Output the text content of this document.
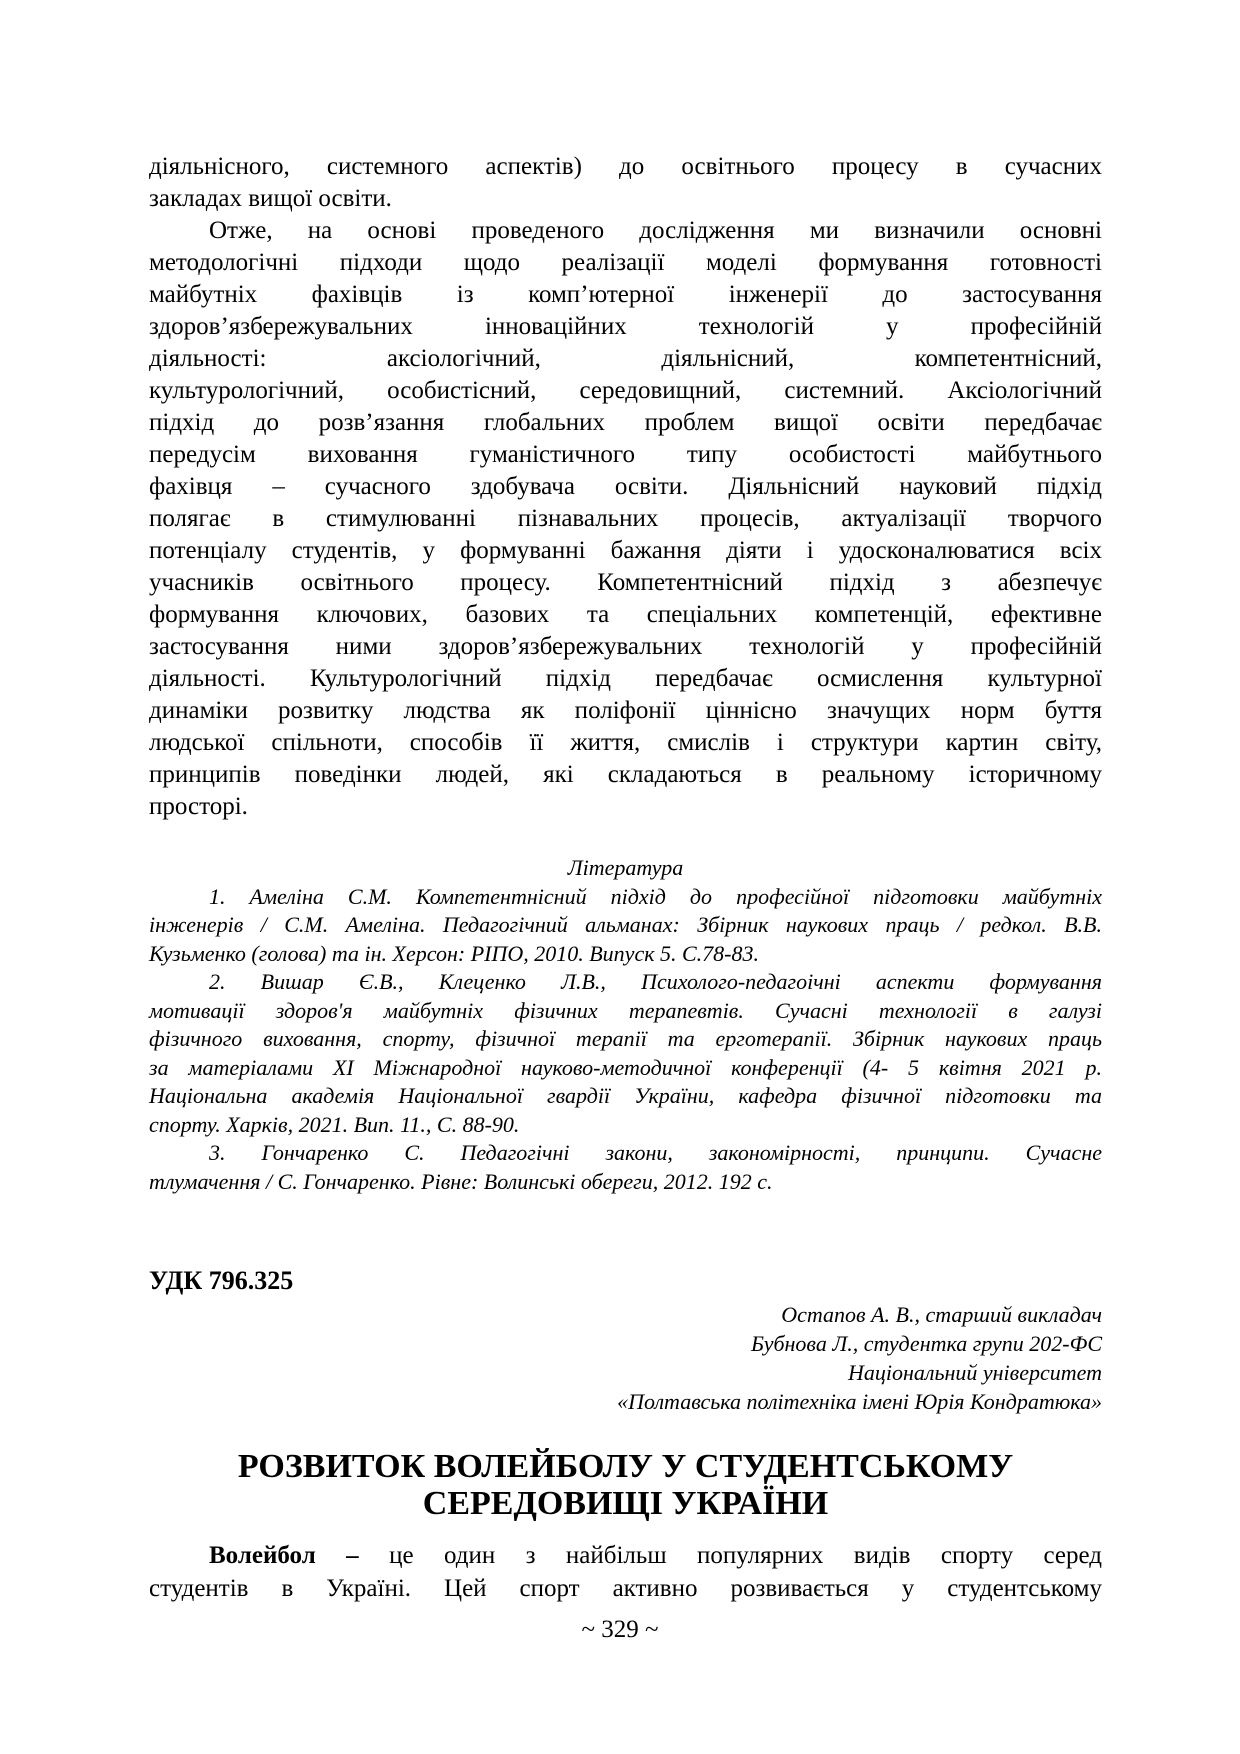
діяльнісного, системного аспектів) до освітнього процесу в сучасних
закладах вищої освіти.
Отже, на основі проведеного дослідження ми визначили основні
методологічні підходи щодо реалізації моделі формування готовності
майбутніх фахівців із комп’ютерної інженерії до застосування
здоров’язбережувальних інноваційних технологій у професійній
діяльності: аксіологічний, діяльнісний, компетентнісний,
культурологічний, особистісний, середовищний, системний. Аксіологічний
підхід до розв’язання глобальних проблем вищої освіти передбачає
передусім виховання гуманістичного типу особистості майбутнього
фахівця – сучасного здобувача освіти. Діяльнісний науковий підхід
полягає в стимулюванні пізнавальних процесів, актуалізації творчого
потенціалу студентів, у формуванні бажання діяти і удосконалюватися всіх
учасників освітнього процесу. Компетентнісний підхід з абезпечує
формування ключових, базових та спеціальних компетенцій, ефективне
застосування ними здоров’язбережувальних технологій у професійній
діяльності. Культурологічний підхід передбачає осмислення культурної
динаміки розвитку людства як поліфонії ціннісно значущих норм буття
людської спільноти, способів її життя, смислів і структури картин світу,
принципів поведінки людей, які складаються в реальному історичному
просторі.
Література
1. Амеліна С.М. Компетентнісний підхід до професійної підготовки майбутніх
інженерів / С.М. Амеліна. Педагогічний альманах: Збірник наукових праць / редкол. В.В.
Кузьменко (голова) та ін. Херсон: РІПО, 2010. Випуск 5. С.78-83.
2. Вишар Є.В., Клеценко Л.В., Психолого-педагоічні аспекти формування
мотивації здоров'я майбутніх фізичних терапевтів. Сучасні технології в галузі
фізичного виховання, спорту, фізичної терапії та ерготерапії. Збірник наукових праць
за матеріалами XI Міжнародної науково-методичної конференції (4- 5 квітня 2021 р.
Національна академія Національної гвардії України, кафедра фізичної підготовки та
спорту. Харків, 2021. Вип. 11., С. 88-90.
3. Гончаренко С. Педагогічні закони, закономірності, принципи. Сучасне
тлумачення / С. Гончаренко. Рівне: Волинські обереги, 2012. 192 с.
УДК 796.325
Остапов А. В., старший викладач
Бубнова Л., студентка групи 202-ФС
Національний університет
«Полтавська політехніка імені Юрія Кондратюка»
РОЗВИТОК ВОЛЕЙБОЛУ У СТУДЕНТСЬКОМУ
СЕРЕДОВИЩІ УКРАЇНИ
Волейбол – це один з найбільш популярних видів спорту серед
студентів в Україні. Цей спорт активно розвивається у студентському
~ 329 ~
